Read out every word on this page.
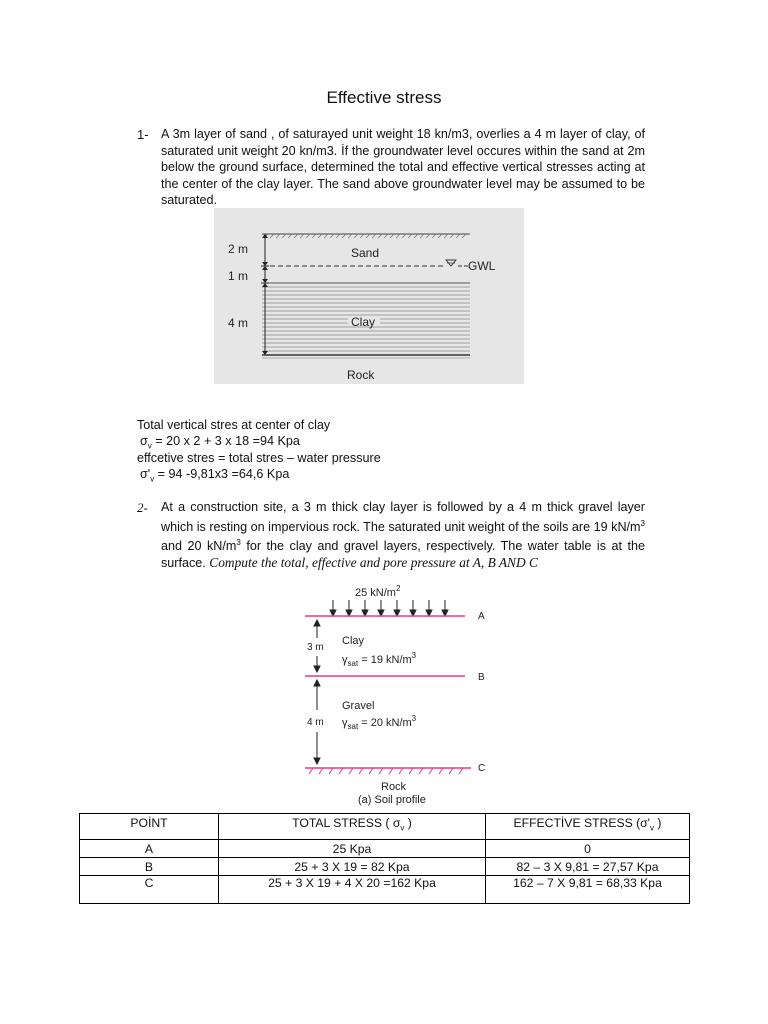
Effective stress
1- A 3m layer of sand , of saturayed unit weight 18 kn/m3, overlies a 4 m layer of clay, of saturated unit weight 20 kn/m3. İf the groundwater level occures within the sand at 2m below the ground surface, determined the total and effective vertical stresses acting at the center of the clay layer. The sand above groundwater level may be assumed to be saturated.
2 m
1 m
4 m
Sand
GWL
Clay
Rock
Total vertical stres at center of clay
$\sigma_v = 20$ x 2 + 3 x 18 =94 Kpa
effcetive stres = total stres – water pressure
$\sigma'_v = 94$ -9,81x3 =64,6 Kpa
2- At a construction site, a 3 m thick clay layer is followed by a 4 m thick gravel layer which is resting on impervious rock. The saturated unit weight of the soils are 19 $kN/m^3$ and 20 $kN/m^3$ for the clay and gravel layers, respectively. The water table is at the surface. Compute the total, effective and pore pressure at A, B AND C
25 $kN/m^2$
3 m
4 m
A
B
C
Clay
$\gamma_{sat} = 19$ $kN/m^3$
Gravel
$\gamma_{sat} = 20$ $kN/m^3$
Rock
(a) Soil profile
POİNT	TOTAL STRESS ( $\sigma_v$ )	EFFECTİVE STRESS ($\sigma'_v$ )
A	25 Kpa	0
B	25 + 3 X 19 = 82 Kpa	82 – 3 X 9,81 = 27,57 Kpa
C	25 + 3 X 19 + 4 X 20 =162 Kpa	162 – 7 X 9,81 = 68,33 Kpa
